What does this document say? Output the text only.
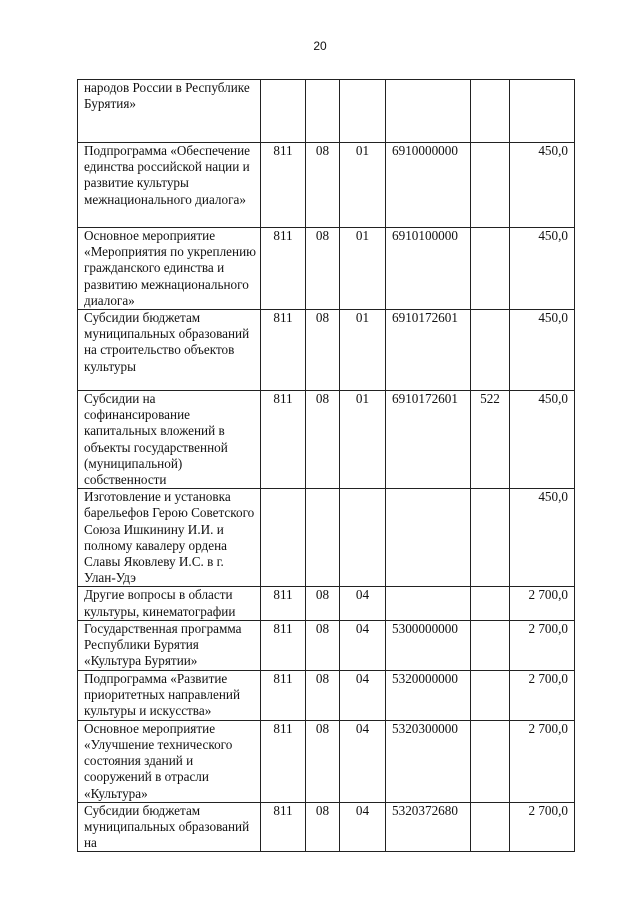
20
народов России в Республике Бурятия»						
Подпрограмма «Обеспечение единства российской нации и развитие культуры межнационального диалога»	811	08	01	6910000000		450,0
Основное мероприятие «Мероприятия по укреплению гражданского единства и развитию межнационального диалога»	811	08	01	6910100000		450,0
Субсидии бюджетам муниципальных образований на строительство объектов культуры	811	08	01	6910172601		450,0
Субсидии на софинансирование капитальных вложений в объекты государственной (муниципальной) собственности	811	08	01	6910172601	522	450,0
Изготовление и установка барельефов Герою Советского Союза Ишкинину И.И. и полному кавалеру ордена Славы Яковлеву И.С. в г. Улан-Удэ						450,0
Другие вопросы в области культуры, кинематографии	811	08	04			2 700,0
Государственная программа Республики Бурятия «Культура Бурятии»	811	08	04	5300000000		2 700,0
Подпрограмма «Развитие приоритетных направлений культуры и искусства»	811	08	04	5320000000		2 700,0
Основное мероприятие «Улучшение технического состояния зданий и сооружений в отрасли «Культура»	811	08	04	5320300000		2 700,0
Субсидии бюджетам муниципальных образований на	811	08	04	5320372680		2 700,0
